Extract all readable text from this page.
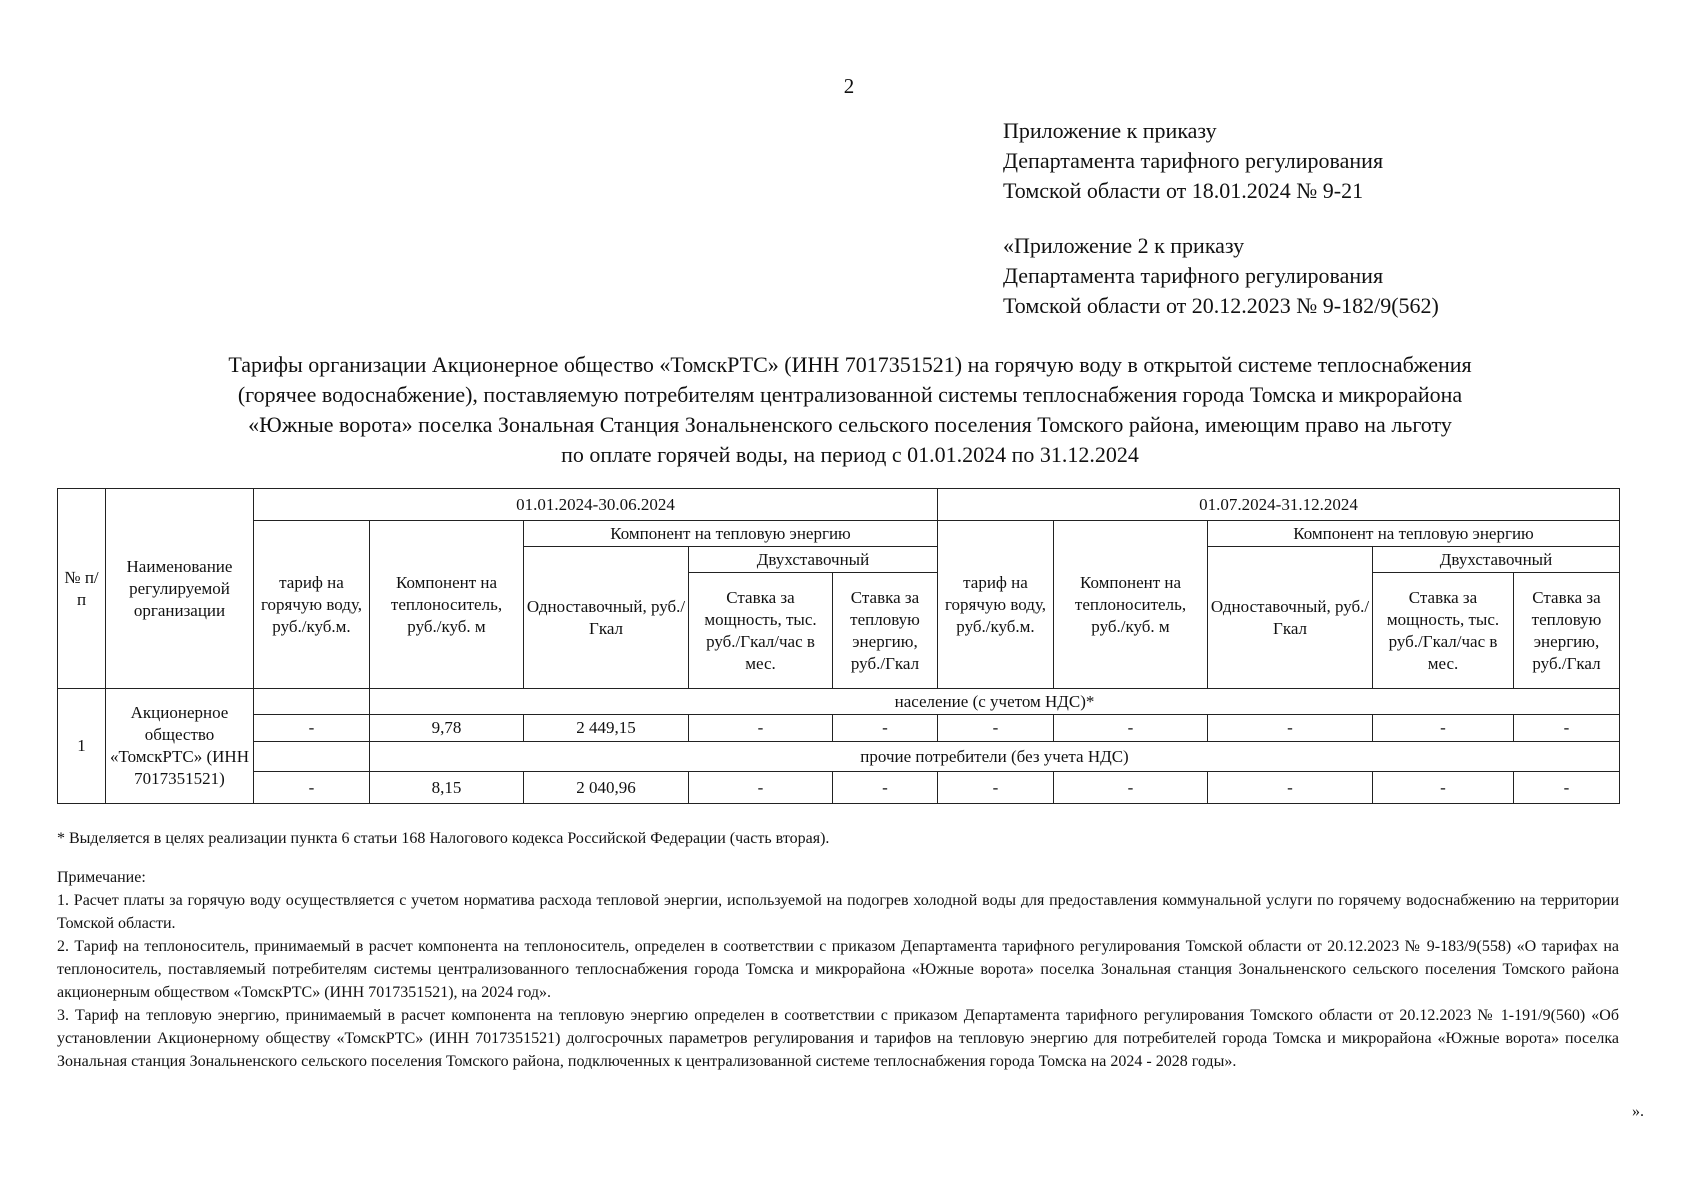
2
Приложение к приказу
Департамента тарифного регулирования
Томской области от 18.01.2024 № 9-21
«Приложение 2 к приказу
Департамента тарифного регулирования
Томской области от 20.12.2023 № 9-182/9(562)
Тарифы организации Акционерное общество «ТомскРТС» (ИНН 7017351521) на горячую воду в открытой системе теплоснабжения
(горячее водоснабжение), поставляемую потребителям централизованной системы теплоснабжения города Томска и микрорайона
«Южные ворота» поселка Зональная Станция Зональненского сельского поселения Томского района, имеющим право на льготу
по оплате горячей воды, на период с 01.01.2024 по 31.12.2024
№ п/п	Наименование регулируемой организации	01.01.2024-30.06.2024					01.07.2024-31.12.2024				
		тариф на горячую воду, руб./куб.м.	Компонент на теплоноситель, руб./куб. м	Компонент на тепловую энергию			тариф на горячую воду, руб./куб.м.	Компонент на теплоноситель, руб./куб. м	Компонент на тепловую энергию		
				Одноставочный, руб./Гкал	Двухставочный				Одноставочный, руб./Гкал	Двухставочный	
					Ставка за мощность, тыс. руб./Гкал/час в мес.	Ставка за тепловую энергию, руб./Гкал				Ставка за мощность, тыс. руб./Гкал/час в мес.	Ставка за тепловую энергию, руб./Гкал
1	Акционерное общество «ТомскРТС» (ИНН 7017351521)		население (с учетом НДС)*								
		-	9,78	2 449,15	-	-	-	-	-	-	-
			прочие потребители (без учета НДС)								
		-	8,15	2 040,96	-	-	-	-	-	-	-
* Выделяется в целях реализации пункта 6 статьи 168 Налогового кодекса Российской Федерации (часть вторая).

Примечание:

1. Расчет платы за горячую воду осуществляется с учетом норматива расхода тепловой энергии, используемой на подогрев холодной воды для предоставления коммунальной услуги по горячему водоснабжению на территории Томской области.

2. Тариф на теплоноситель, принимаемый в расчет компонента на теплоноситель, определен в соответствии с приказом Департамента тарифного регулирования Томской области от 20.12.2023 № 9-183/9(558) «О тарифах на теплоноситель, поставляемый потребителям системы централизованного теплоснабжения города Томска и микрорайона «Южные ворота» поселка Зональная станция Зональненского сельского поселения Томского района акционерным обществом «ТомскРТС» (ИНН 7017351521), на 2024 год».

3. Тариф на тепловую энергию, принимаемый в расчет компонента на тепловую энергию определен в соответствии с приказом Департамента тарифного регулирования Томского области от 20.12.2023 № 1-191/9(560) «Об установлении Акционерному обществу «ТомскРТС» (ИНН 7017351521) долгосрочных параметров регулирования и тарифов на тепловую энергию для потребителей города Томска и микрорайона «Южные ворота» поселка Зональная станция Зональненского сельского поселения Томского района, подключенных к централизованной системе теплоснабжения города Томска на 2024 - 2028 годы».

».
